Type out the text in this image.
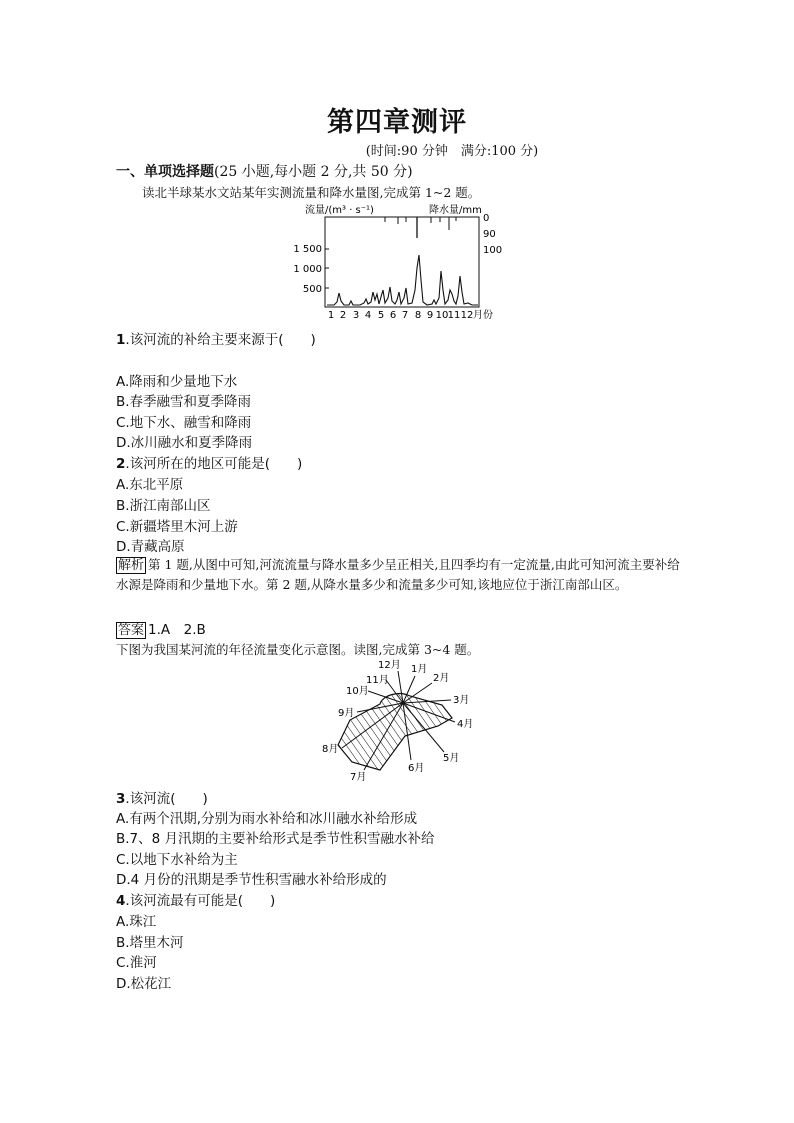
第四章测评
(时间:90 分钟　满分:100 分)
一、单项选择题(25 小题,每小题 2 分,共 50 分)
读北半球某水文站某年实测流量和降水量图,完成第 1~2 题。
流量/(m³ · s⁻¹)	降水量/mm
1 500
1 000
500
0
90
100
1 2 3 4 5 6 7 8 9 10 11 12 月份
1.该河流的补给主要来源于(　　)
A.降雨和少量地下水
B.春季融雪和夏季降雨
C.地下水、融雪和降雨
D.冰川融水和夏季降雨
2.该河所在的地区可能是(　　)
A.东北平原
B.浙江南部山区
C.新疆塔里木河上游
D.青藏高原
解析 第 1 题,从图中可知,河流流量与降水量多少呈正相关,且四季均有一定流量,由此可知河流主要补给水源是降雨和少量地下水。第 2 题,从降水量多少和流量多少可知,该地应位于浙江南部山区。
答案 1.A　2.B
下图为我国某河流的年径流量变化示意图。读图,完成第 3~4 题。
1月
2月
3月
4月
5月
6月
7月
8月
9月
10月
11月
12月
3.该河流(　　)
A.有两个汛期,分别为雨水补给和冰川融水补给形成
B.7、8 月汛期的主要补给形式是季节性积雪融水补给
C.以地下水补给为主
D.4 月份的汛期是季节性积雪融水补给形成的
4.该河流最有可能是(　　)
A.珠江
B.塔里木河
C.淮河
D.松花江
